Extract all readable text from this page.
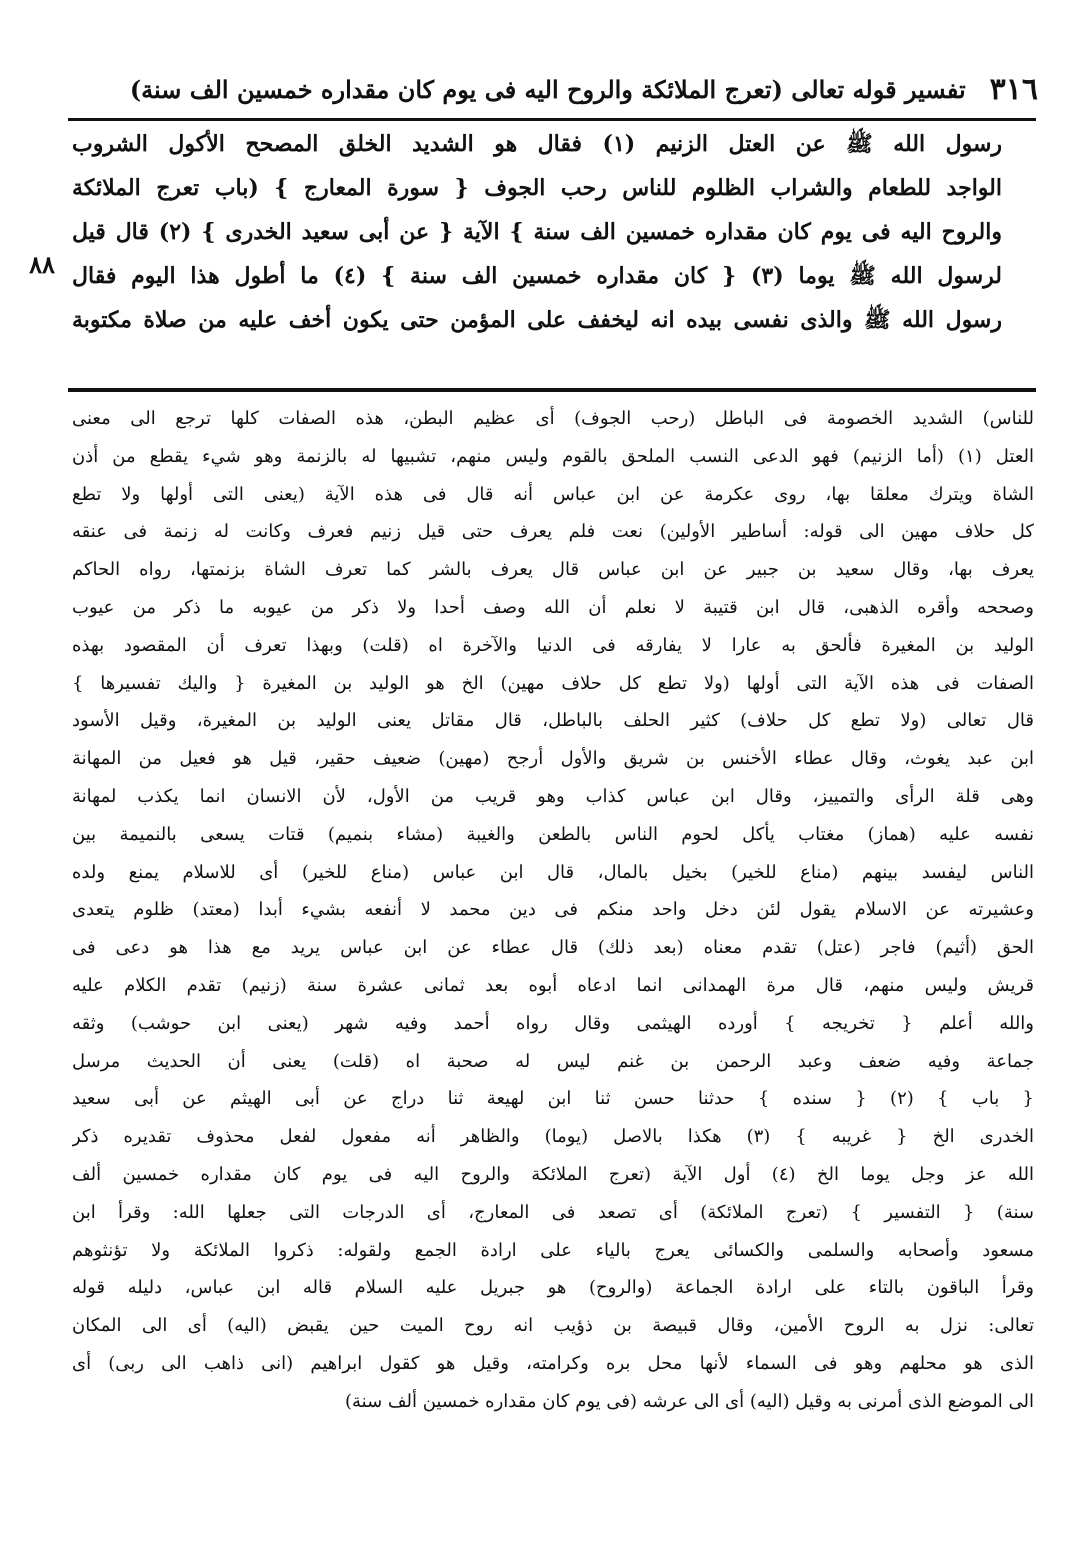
٣١٦
تفسير قوله تعالى (تعرج الملائكة والروح اليه فى يوم كان مقداره خمسين الف سنة)
٨٨
رسول الله ﷺ عن العتل الزنيم (١) فقال هو الشديد الخلق المصحح الأكول الشروب
الواجد للطعام والشراب الظلوم للناس رحب الجوف { سورة المعارج } (باب تعرج الملائكة
والروح اليه فى يوم كان مقداره خمسين الف سنة } الآية { عن أبى سعيد الخدرى } (٢) قال قيل
لرسول الله ﷺ يوما (٣) { كان مقداره خمسين الف سنة } (٤) ما أطول هذا اليوم فقال
رسول الله ﷺ والذى نفسى بيده انه ليخفف على المؤمن حتى يكون أخف عليه من صلاة مكتوبة
للناس) الشديد الخصومة فى الباطل (رحب الجوف) أى عظيم البطن، هذه الصفات كلها ترجع الى معنى
العتل (١) (أما الزنيم) فهو الدعى النسب الملحق بالقوم وليس منهم، تشبيها له بالزنمة وهو شيء يقطع من أذن
الشاة ويترك معلقا بها، روى عكرمة عن ابن عباس أنه قال فى هذه الآية (يعنى التى أولها ولا تطع
كل حلاف مهين الى قوله: أساطير الأولين) نعت فلم يعرف حتى قيل زنيم فعرف وكانت له زنمة فى عنقه
يعرف بها، وقال سعيد بن جبير عن ابن عباس قال يعرف بالشر كما تعرف الشاة بزنمتها، رواه الحاكم
وصححه وأقره الذهبى، قال ابن قتيبة لا نعلم أن الله وصف أحدا ولا ذكر من عيوبه ما ذكر من عيوب
الوليد بن المغيرة فألحق به عارا لا يفارقه فى الدنيا والآخرة اه (قلت) وبهذا تعرف أن المقصود بهذه
الصفات فى هذه الآية التى أولها (ولا تطع كل حلاف مهين) الخ هو الوليد بن المغيرة { واليك تفسيرها }
قال تعالى (ولا تطع كل حلاف) كثير الحلف بالباطل، قال مقاتل يعنى الوليد بن المغيرة، وقيل الأسود
ابن عبد يغوث، وقال عطاء الأخنس بن شريق والأول أرجح (مهين) ضعيف حقير، قيل هو فعيل من المهانة
وهى قلة الرأى والتمييز، وقال ابن عباس كذاب وهو قريب من الأول، لأن الانسان انما يكذب لمهانة
نفسه عليه (هماز) مغتاب يأكل لحوم الناس بالطعن والغيبة (مشاء بنميم) قتات يسعى بالنميمة بين
الناس ليفسد بينهم (مناع للخير) بخيل بالمال، قال ابن عباس (مناع للخير) أى للاسلام يمنع ولده
وعشيرته عن الاسلام يقول لئن دخل واحد منكم فى دين محمد لا أنفعه بشيء أبدا (معتد) ظلوم يتعدى
الحق (أثيم) فاجر (عتل) تقدم معناه (بعد ذلك) قال عطاء عن ابن عباس يريد مع هذا هو دعى فى
قريش وليس منهم، قال مرة الهمدانى انما ادعاه أبوه بعد ثمانى عشرة سنة (زنيم) تقدم الكلام عليه
والله أعلم { تخريجه } أورده الهيثمى وقال رواه أحمد وفيه شهر (يعنى ابن حوشب) وثقه
جماعة وفيه ضعف وعبد الرحمن بن غنم ليس له صحبة اه (قلت) يعنى أن الحديث مرسل
{ باب } (٢) { سنده } حدثنا حسن ثنا ابن لهيعة ثنا دراج عن أبى الهيثم عن أبى سعيد
الخدرى الخ { غريبه } (٣) هكذا بالاصل (يوما) والظاهر أنه مفعول لفعل محذوف تقديره ذكر
الله عز وجل يوما الخ (٤) أول الآية (تعرج الملائكة والروح اليه فى يوم كان مقداره خمسين ألف
سنة) { التفسير } (تعرج الملائكة) أى تصعد فى المعارج، أى الدرجات التى جعلها الله: وقرأ ابن
مسعود وأصحابه والسلمى والكسائى يعرج بالياء على ارادة الجمع ولقوله: ذكروا الملائكة ولا تؤنثوهم
وقرأ الباقون بالتاء على ارادة الجماعة (والروح) هو جبريل عليه السلام قاله ابن عباس، دليله قوله
تعالى: نزل به الروح الأمين، وقال قبيصة بن ذؤيب انه روح الميت حين يقبض (اليه) أى الى المكان
الذى هو محلهم وهو فى السماء لأنها محل بره وكرامته، وقيل هو كقول ابراهيم (انى ذاهب الى ربى) أى
الى الموضع الذى أمرنى به وقيل (اليه) أى الى عرشه (فى يوم كان مقداره خمسين ألف سنة)
